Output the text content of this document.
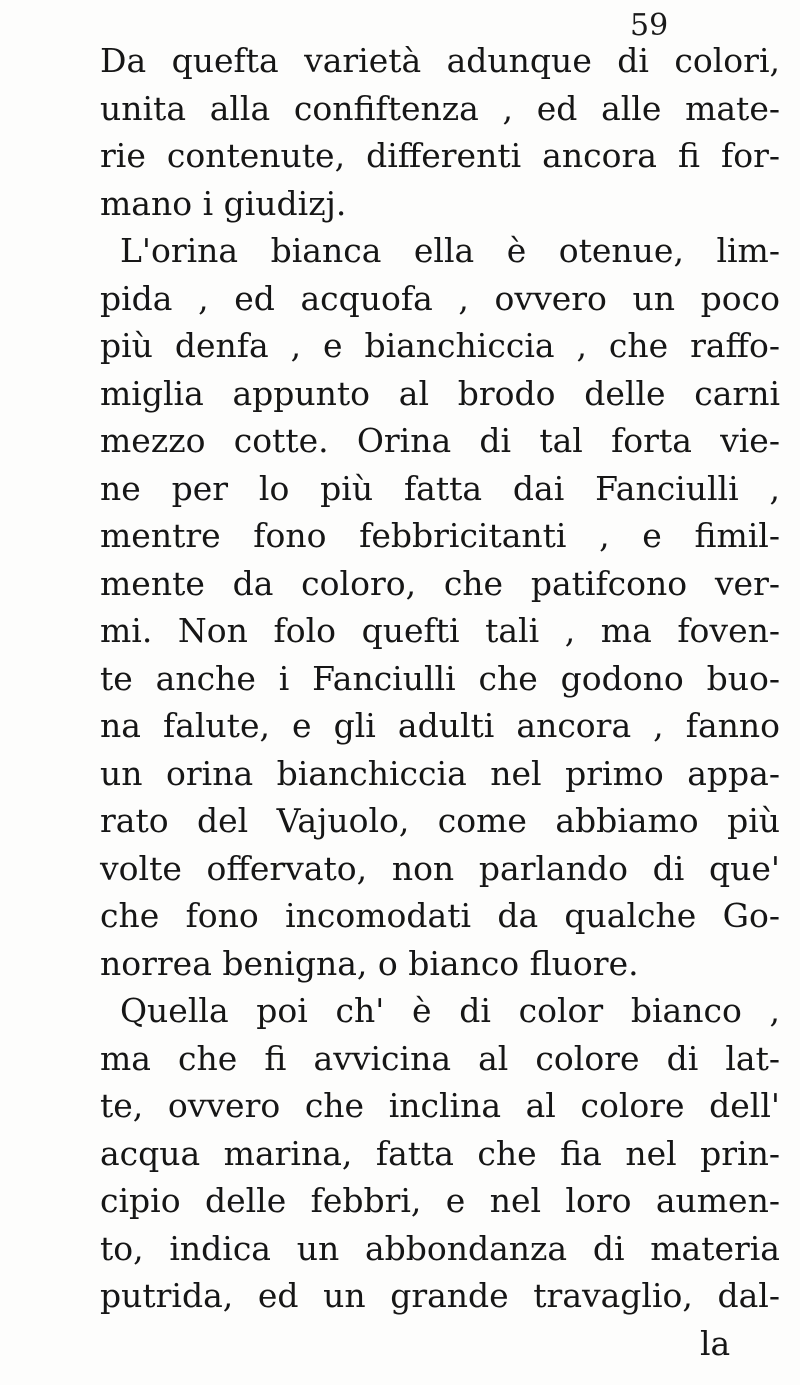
59
Da quefta varietà adunque di colori,
unita alla confiftenza , ed alle mate-
rie contenute, differenti ancora fi for-
mano i giudizj.
L'orina bianca ella è otenue, lim-
pida , ed acquofa , ovvero un poco
più denfa , e bianchiccia , che raffo-
miglia appunto al brodo delle carni
mezzo cotte. Orina di tal forta vie-
ne per lo più fatta dai Fanciulli ,
mentre fono febbricitanti , e fimil-
mente da coloro, che patifcono ver-
mi. Non folo quefti tali , ma foven-
te anche i Fanciulli che godono buo-
na falute, e gli adulti ancora , fanno
un orina bianchiccia nel primo appa-
rato del Vajuolo, come abbiamo più
volte offervato, non parlando di que'
che fono incomodati da qualche Go-
norrea benigna, o bianco fluore.
Quella poi ch' è di color bianco ,
ma che fi avvicina al colore di lat-
te, ovvero che inclina al colore dell'
acqua marina, fatta che fia nel prin-
cipio delle febbri, e nel loro aumen-
to, indica un abbondanza di materia
putrida, ed un grande travaglio, dal-
la
